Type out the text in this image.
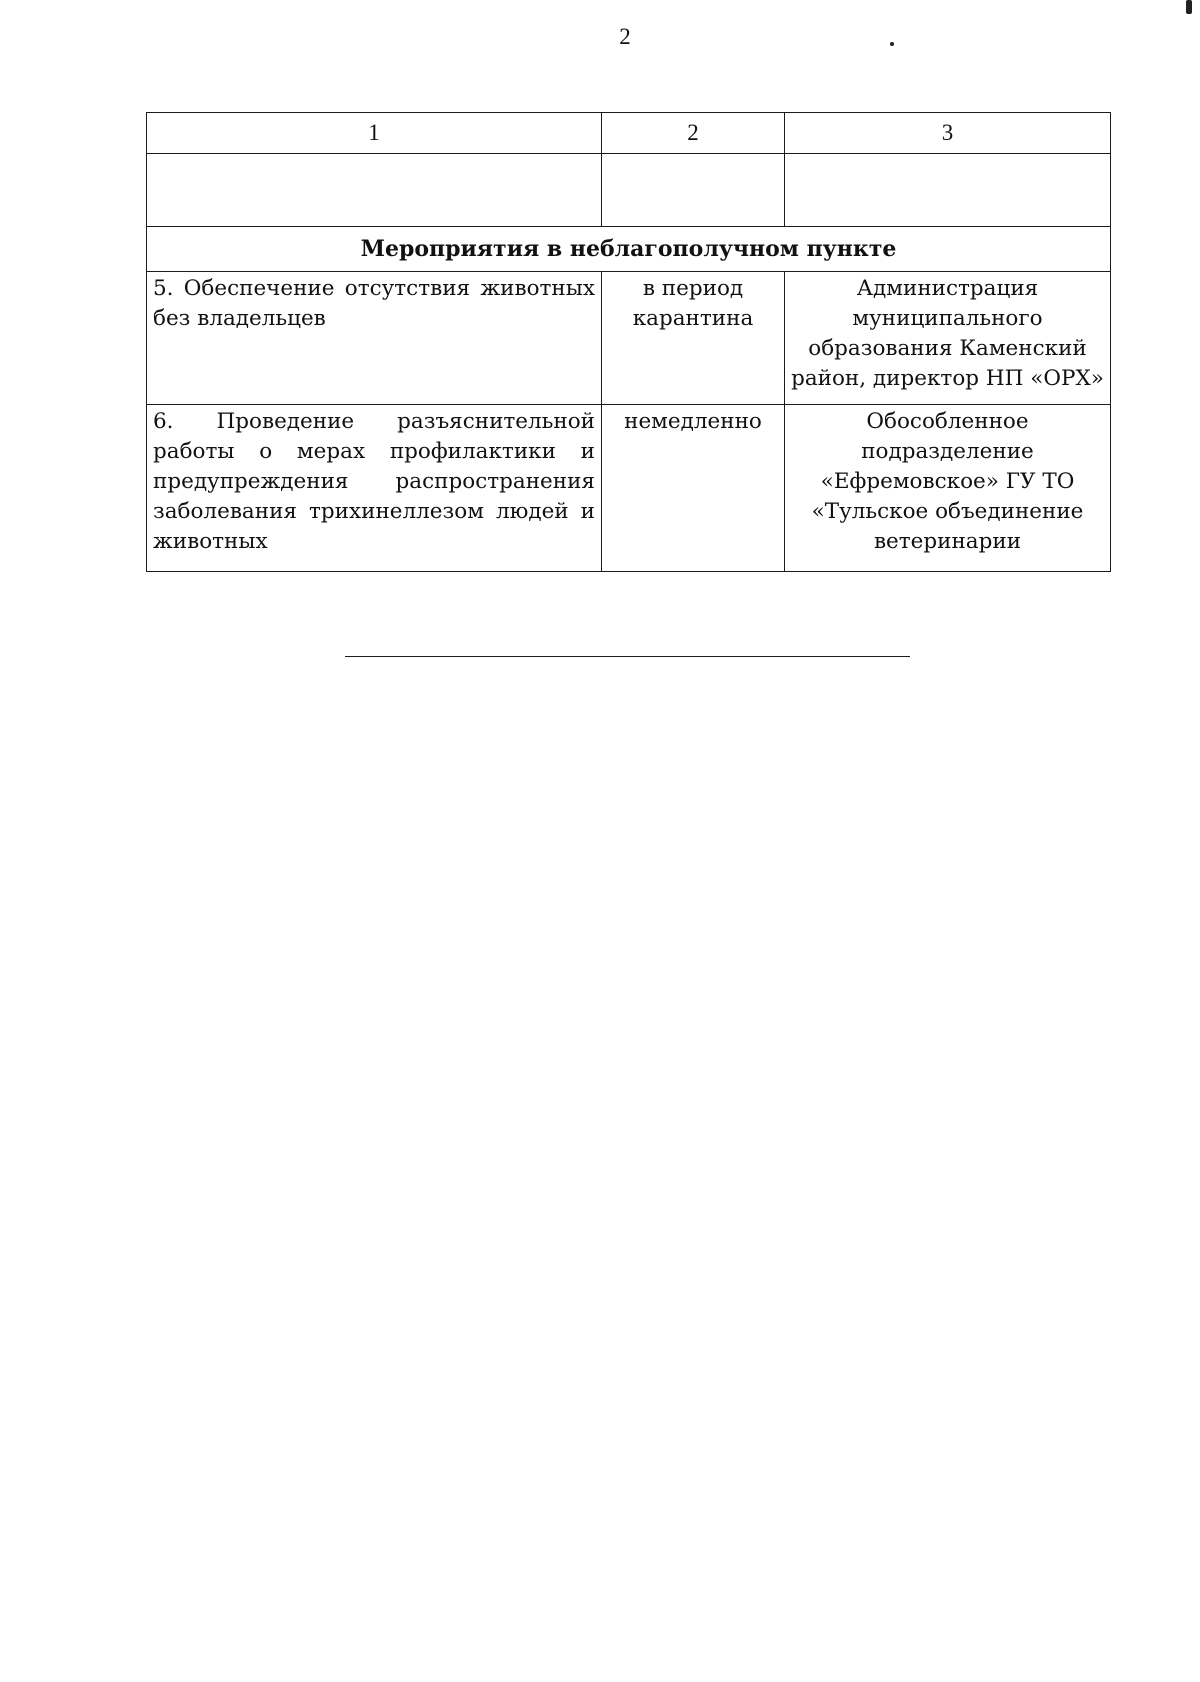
2
1	2	3

Мероприятия в неблагополучном пункте		
5. Обеспечение отсутствия животных без владельцев	в период карантина	Администрация муниципального образования Каменский район, директор НП «ОРХ»
6. Проведение разъяснительной работы о мерах профилактики и предупреждения распространения заболевания трихинеллезом людей и животных	немедленно	Обособленное подразделение «Ефремовское» ГУ ТО «Тульское объединение ветеринарии
